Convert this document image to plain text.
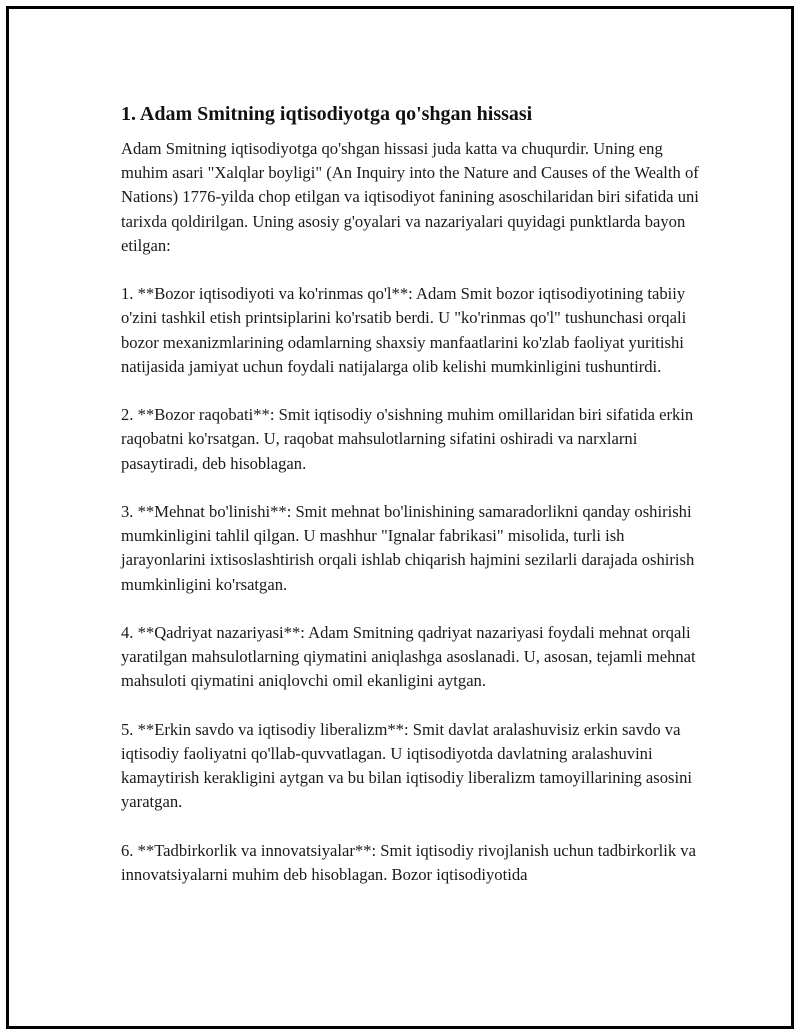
1. Adam Smitning iqtisodiyotga qo'shgan hissasi

Adam Smitning iqtisodiyotga qo'shgan hissasi juda katta va chuqurdir. Uning eng muhim asari "Xalqlar boyligi" (An Inquiry into the Nature and Causes of the Wealth of Nations) 1776-yilda chop etilgan va iqtisodiyot fanining asoschilaridan biri sifatida uni tarixda qoldirilgan. Uning asosiy g'oyalari va nazariyalari quyidagi punktlarda bayon etilgan:

1. **Bozor iqtisodiyoti va ko'rinmas qo'l**: Adam Smit bozor iqtisodiyotining tabiiy o'zini tashkil etish printsiplarini ko'rsatib berdi. U "ko'rinmas qo'l" tushunchasi orqali bozor mexanizmlarining odamlarning shaxsiy manfaatlarini ko'zlab faoliyat yuritishi natijasida jamiyat uchun foydali natijalarga olib kelishi mumkinligini tushuntirdi.

2. **Bozor raqobati**: Smit iqtisodiy o'sishning muhim omillaridan biri sifatida erkin raqobatni ko'rsatgan. U, raqobat mahsulotlarning sifatini oshiradi va narxlarni pasaytiradi, deb hisoblagan.

3. **Mehnat bo'linishi**: Smit mehnat bo'linishining samaradorlikni qanday oshirishi mumkinligini tahlil qilgan. U mashhur "Ignalar fabrikasi" misolida, turli ish jarayonlarini ixtisoslashtirish orqali ishlab chiqarish hajmini sezilarli darajada oshirish mumkinligini ko'rsatgan.

4. **Qadriyat nazariyasi**: Adam Smitning qadriyat nazariyasi foydali mehnat orqali yaratilgan mahsulotlarning qiymatini aniqlashga asoslanadi. U, asosan, tejamli mehnat mahsuloti qiymatini aniqlovchi omil ekanligini aytgan.

5. **Erkin savdo va iqtisodiy liberalizm**: Smit davlat aralashuvisiz erkin savdo va iqtisodiy faoliyatni qo'llab-quvvatlagan. U iqtisodiyotda davlatning aralashuvini kamaytirish kerakligini aytgan va bu bilan iqtisodiy liberalizm tamoyillarining asosini yaratgan.

6. **Tadbirkorlik va innovatsiyalar**: Smit iqtisodiy rivojlanish uchun tadbirkorlik va innovatsiyalarni muhim deb hisoblagan. Bozor iqtisodiyotida
